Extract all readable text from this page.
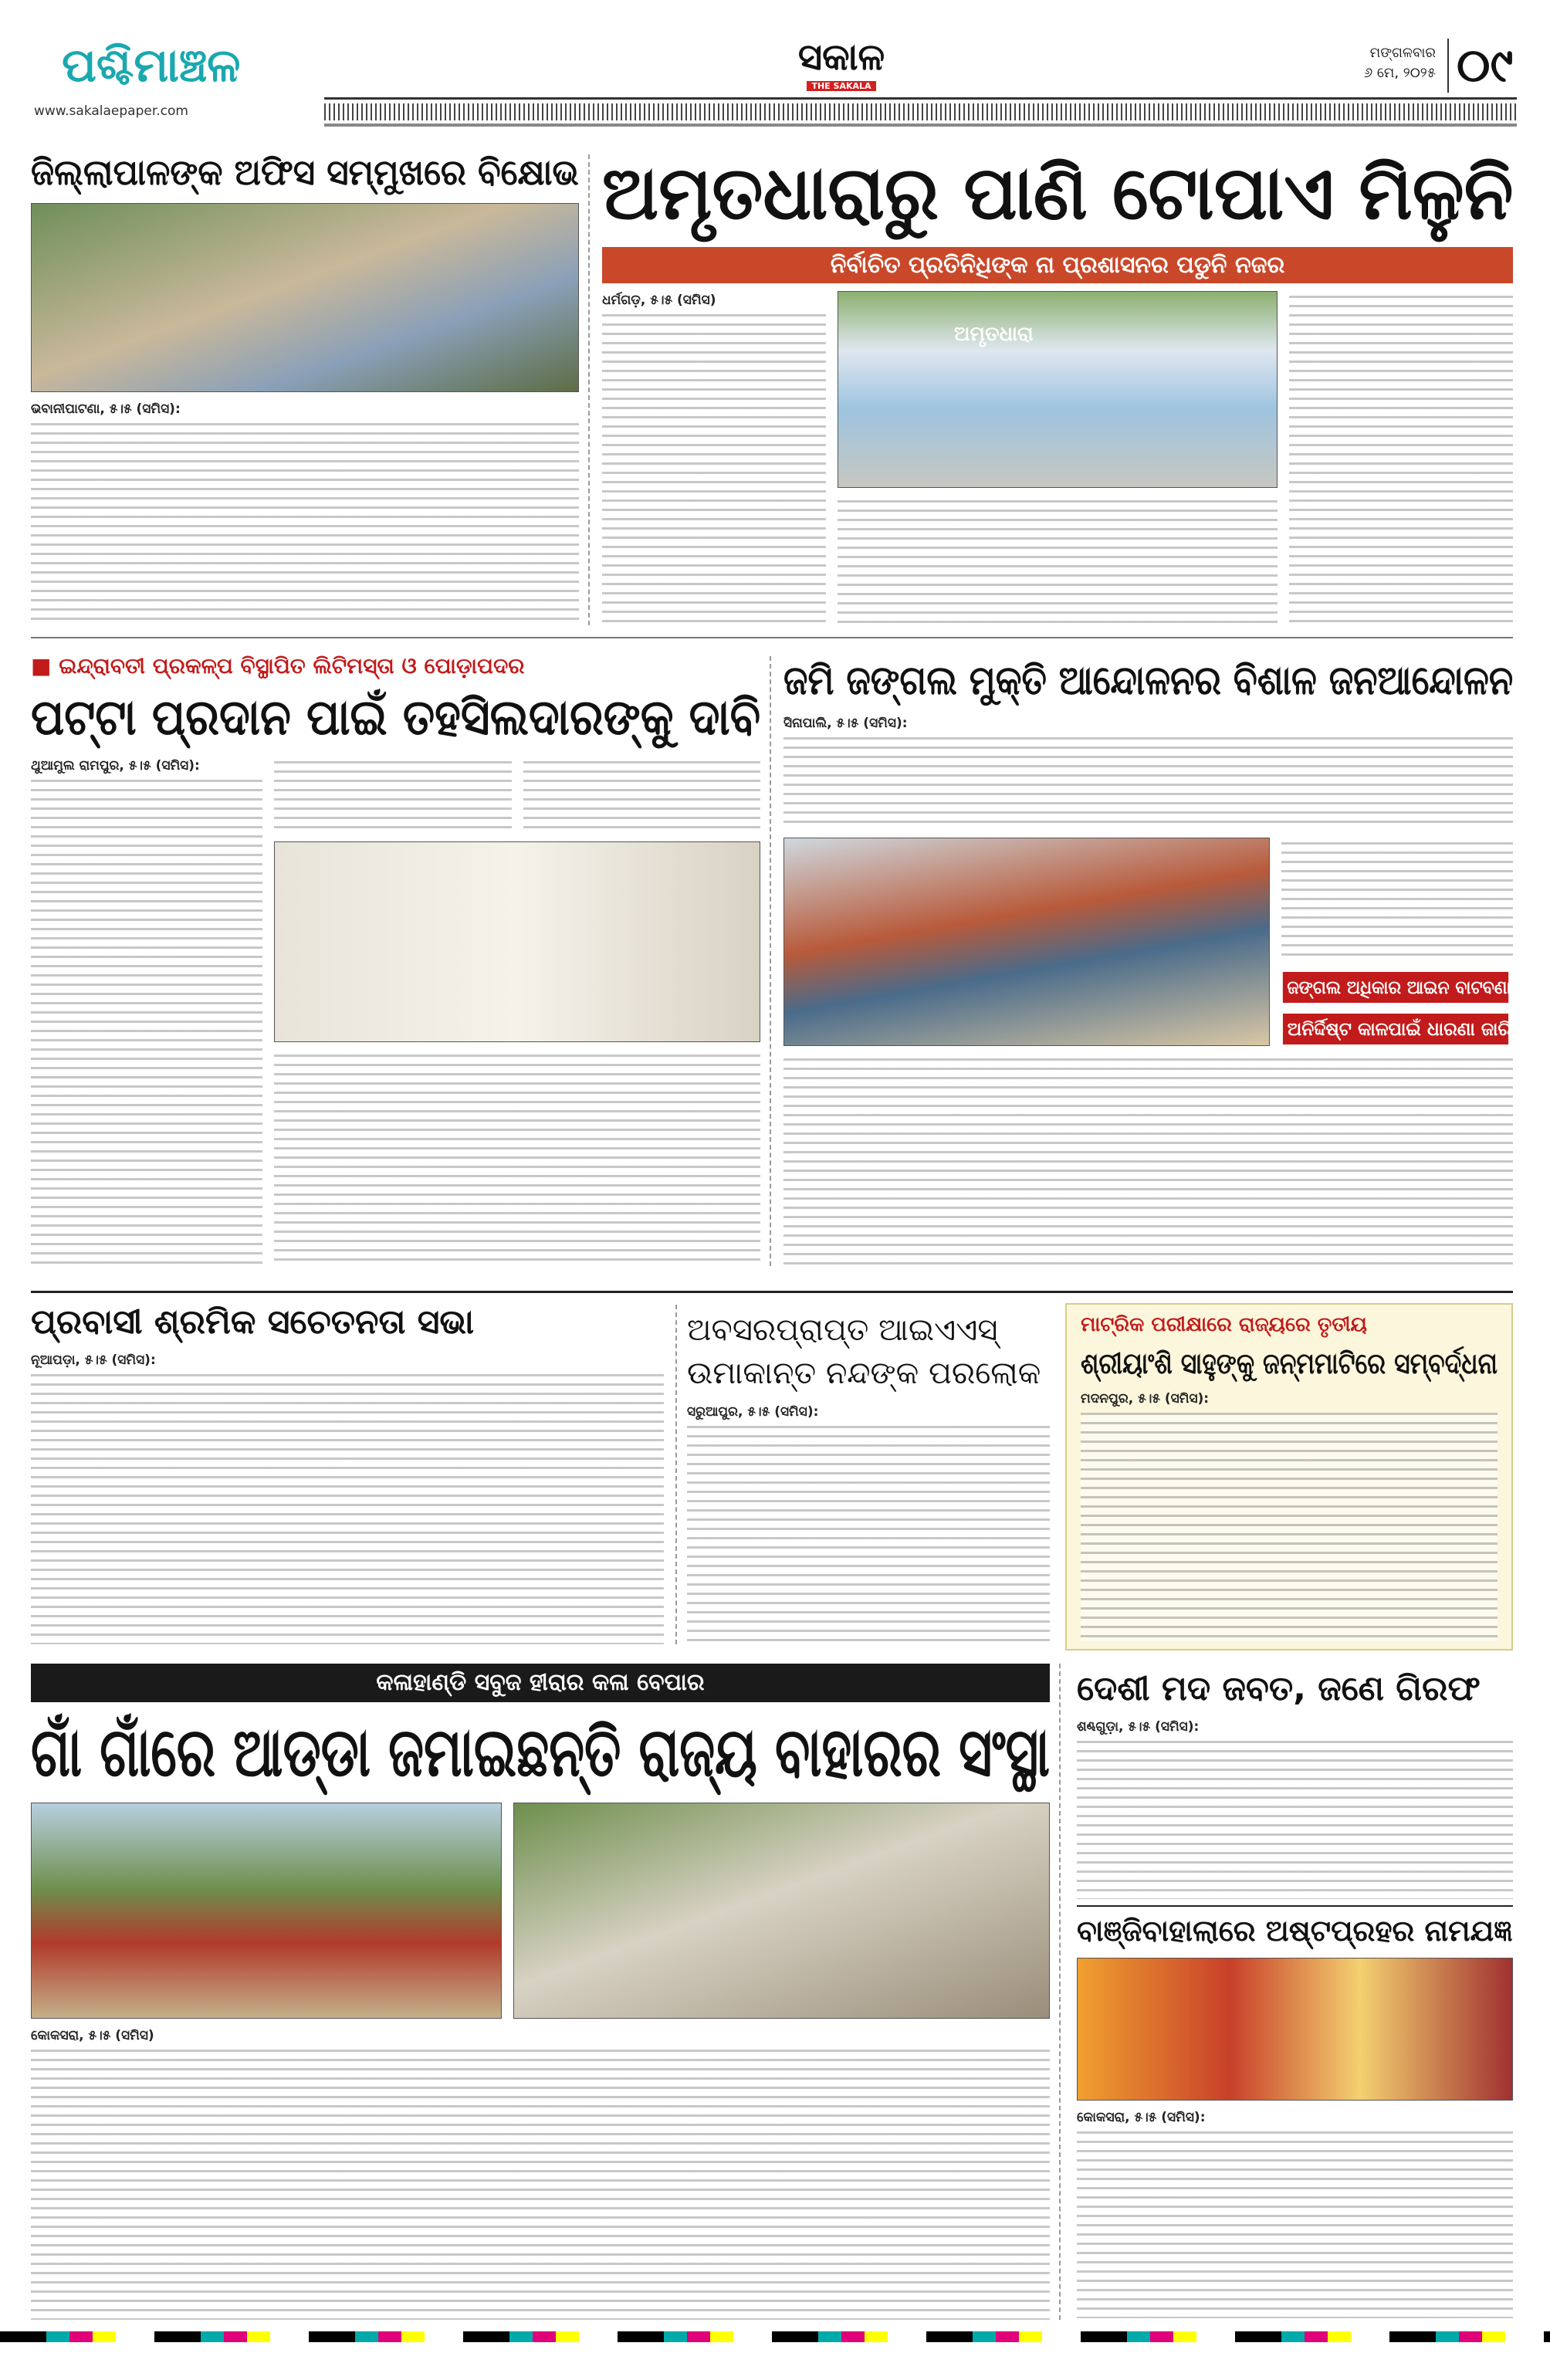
ପଶ୍ଚିମାଞ୍ଚଳ
www.sakalaepaper.com
ସକାଳ
THE SAKALA
ମଙ୍ଗଳବାର
୬ ମେ, ୨୦୨୫ ୦୯
ଜିଲ୍ଲାପାଳଙ୍କ ଅଫିସ ସମ୍ମୁଖରେ ବିକ୍ଷୋଭ
ଭବାନୀପାଟଣା, ୫।୫ (ସମିସ):
ଅମୃତଧାରାରୁ ପାଣି ଟୋପାଏ ମିଳୁନି
ନିର୍ବାଚିତ ପ୍ରତିନିଧିଙ୍କ ନା ପ୍ରଶାସନର ପଡୁନି ନଜର
ଧର୍ମଗଡ଼, ୫।୫ (ସମିସ)
ଅମୃତଧାରା
■ ଇନ୍ଦ୍ରାବତୀ ପ୍ରକଳ୍ପ ବିସ୍ଥାପିତ ଲିଟିମସ୍ତା ଓ ପୋଡ଼ାପଦର
ପଟ୍ଟା ପ୍ରଦାନ ପାଇଁ ତହସିଲଦାରଙ୍କୁ ଦାବି
ଥୁଆମୁଲ ରାମପୁର, ୫।୫ (ସମିସ):
ଜମି ଜଙ୍ଗଲ ମୁକ୍ତି ଆନ୍ଦୋଳନର ବିଶାଳ ଜନଆନ୍ଦୋଳନ
ସିନାପାଲି, ୫।୫ (ସମିସ):
ଜଙ୍ଗଲ ଅଧିକାର ଆଇନ ବାଟବଣା
ଅନିର୍ଦ୍ଦିଷ୍ଟ କାଳପାଇଁ ଧାରଣା ଜାରି
ପ୍ରବାସୀ ଶ୍ରମିକ ସଚେତନତା ସଭା
ନୂଆପଡ଼ା, ୫।୫ (ସମିସ):
ଅବସରପ୍ରାପ୍ତ ଆଇଏଏସ୍ ଉମାକାନ୍ତ ନନ୍ଦଙ୍କ ପରଲୋକ
ସରୁଆପୁର, ୫।୫ (ସମିସ):
ମାଟ୍ରିକ ପରୀକ୍ଷାରେ ରାଜ୍ୟରେ ତୃତୀୟ
ଶ୍ରୀୟାଂଶି ସାହୁଙ୍କୁ ଜନ୍ମମାଟିରେ ସମ୍ବର୍ଦ୍ଧନା
ମଦନପୁର, ୫।୫ (ସମିସ):
କଳାହାଣ୍ଡି ସବୁଜ ହୀରାର କଳା ବେପାର
ଗାଁ ଗାଁରେ ଆଡ୍ଡା ଜମାଇଛନ୍ତି ରାଜ୍ୟ ବାହାରର ସଂସ୍ଥା
କୋକସରା, ୫।୫ (ସମିସ)
ଦେଶୀ ମଦ ଜବତ, ଜଣେ ଗିରଫ
ଶଣ୍ଢଗୁଡ଼ା, ୫।୫ (ସମିସ):
ବାଞ୍ଜିବାହାଲାରେ ଅଷ୍ଟପ୍ରହର ନାମଯଜ୍ଞ
କୋକସରା, ୫।୫ (ସମିସ):
